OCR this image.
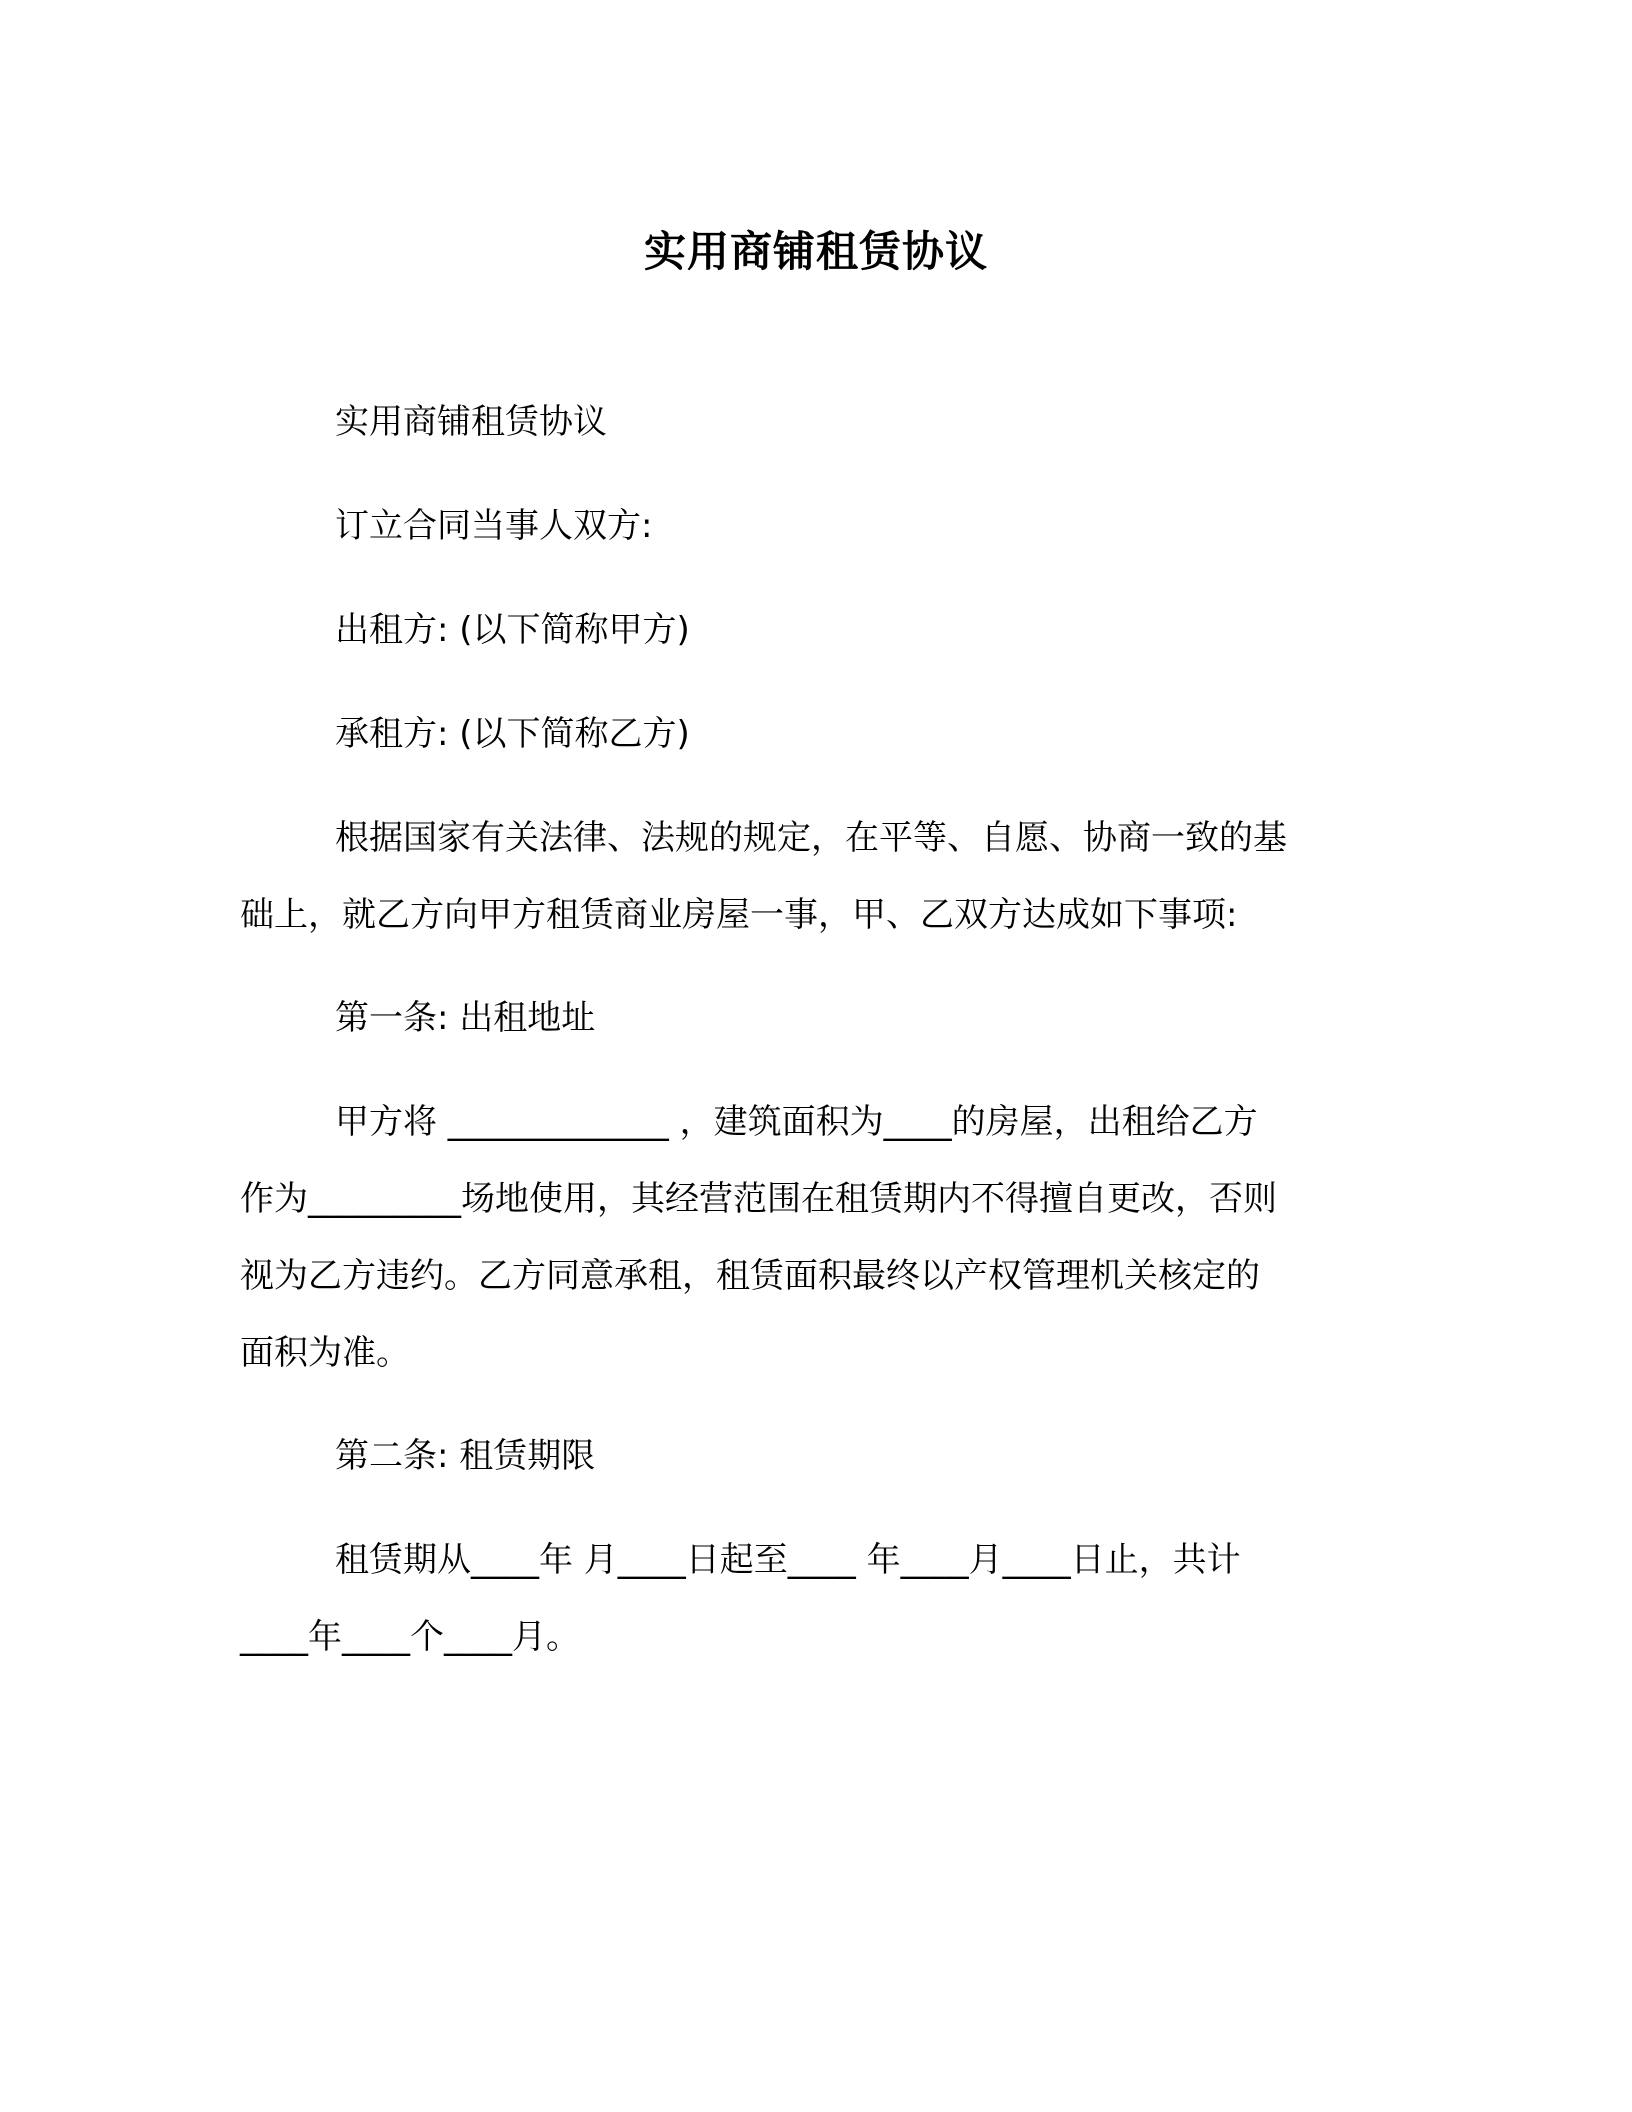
实用商铺租赁协议
实用商铺租赁协议
订立合同当事人双方:
出租方: (以下简称甲方)
承租方: (以下简称乙方)
根据国家有关法律、法规的规定，在平等、自愿、协商一致的基
础上，就乙方向甲方租赁商业房屋一事，甲、乙双方达成如下事项:
第一条: 出租地址
甲方将 _____________ ，建筑面积为____的房屋，出租给乙方
作为_________场地使用，其经营范围在租赁期内不得擅自更改，否则
视为乙方违约。乙方同意承租，租赁面积最终以产权管理机关核定的
面积为准。
第二条: 租赁期限
租赁期从____年 月____日起至____ 年____月____日止，共计
____年____个____月。
